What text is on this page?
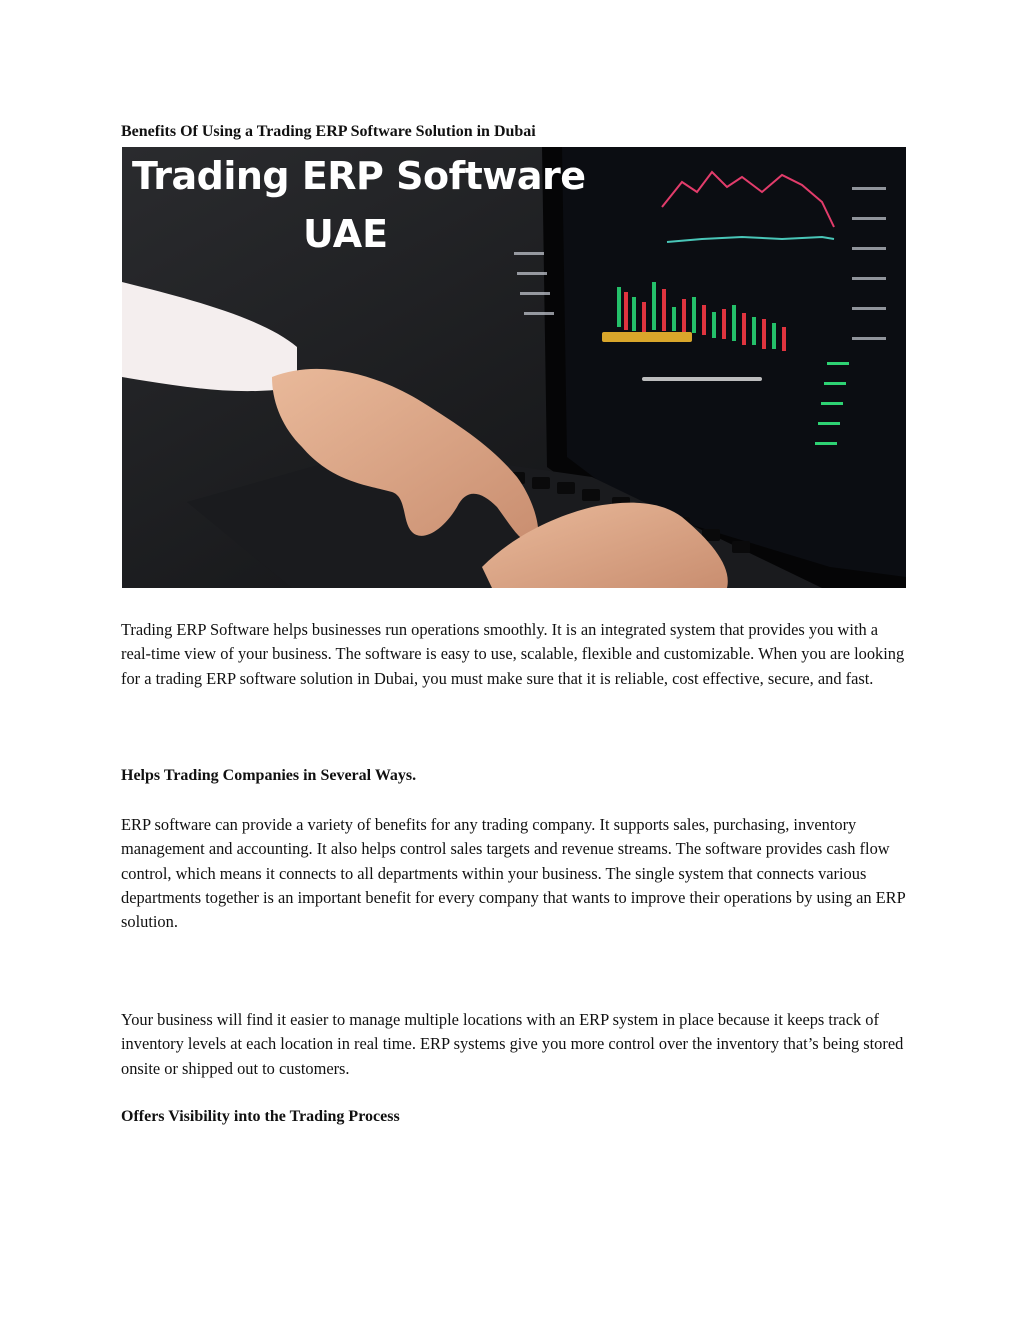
Benefits Of Using a Trading ERP Software Solution in Dubai

Trading ERP Software

UAE

Trading ERP Software helps businesses run operations smoothly. It is an integrated system that provides you with a real-time view of your business. The software is easy to use, scalable, flexible and customizable. When you are looking for a trading ERP software solution in Dubai, you must make sure that it is reliable, cost effective, secure, and fast.

Helps Trading Companies in Several Ways.

ERP software can provide a variety of benefits for any trading company. It supports sales, purchasing, inventory management and accounting. It also helps control sales targets and revenue streams. The software provides cash flow control, which means it connects to all departments within your business. The single system that connects various departments together is an important benefit for every company that wants to improve their operations by using an ERP solution.

Your business will find it easier to manage multiple locations with an ERP system in place because it keeps track of inventory levels at each location in real time. ERP systems give you more control over the inventory that’s being stored onsite or shipped out to customers.

Offers Visibility into the Trading Process
